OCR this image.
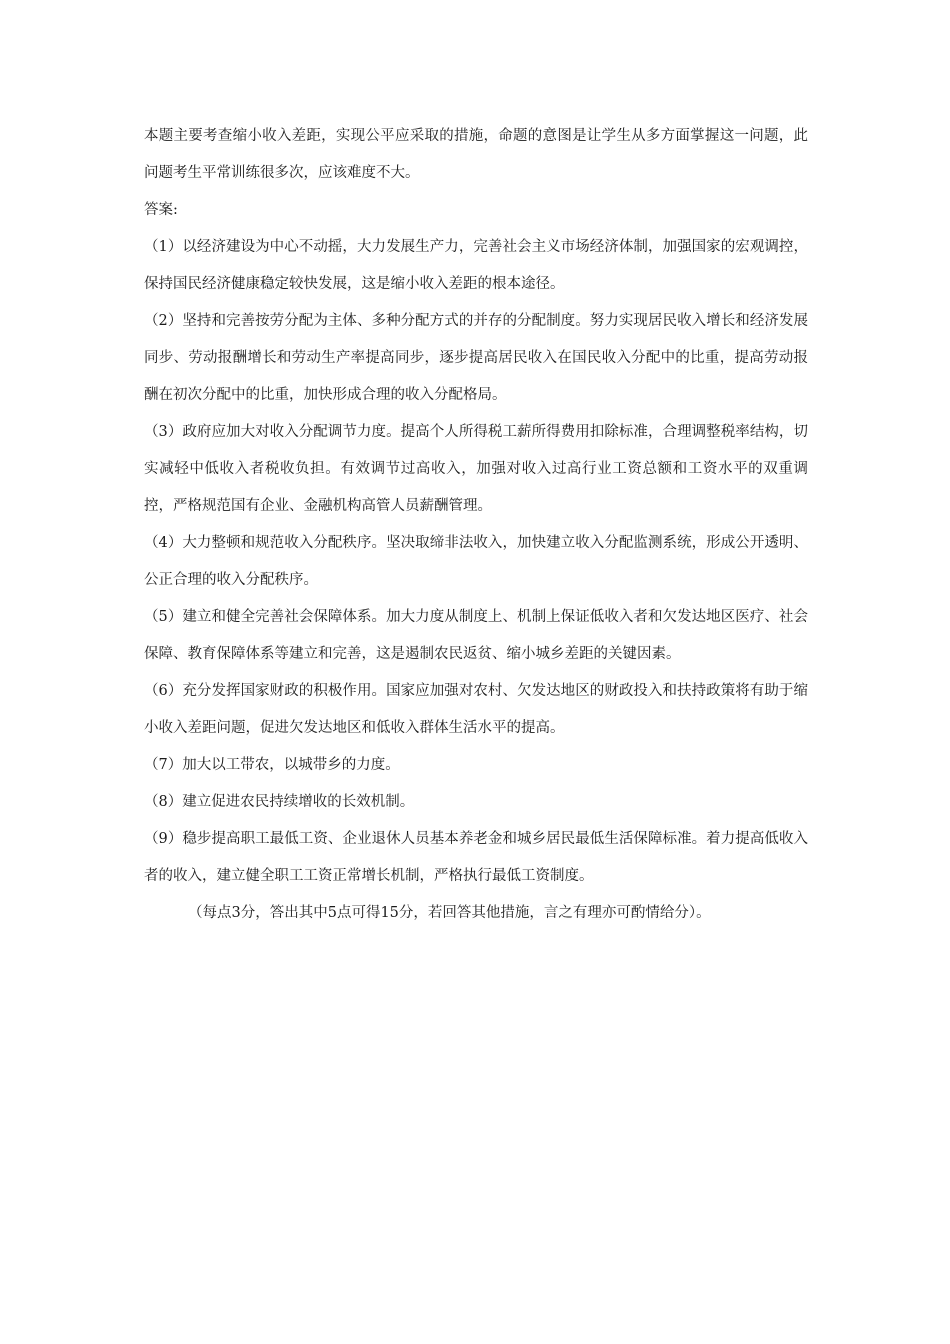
本题主要考查缩小收入差距，实现公平应采取的措施，命题的意图是让学生从多方面掌握这一问题，此问题考生平常训练很多次，应该难度不大。

答案:

（1）以经济建设为中心不动摇，大力发展生产力，完善社会主义市场经济体制，加强国家的宏观调控，保持国民经济健康稳定较快发展，这是缩小收入差距的根本途径。

（2）坚持和完善按劳分配为主体、多种分配方式的并存的分配制度。努力实现居民收入增长和经济发展同步、劳动报酬增长和劳动生产率提高同步，逐步提高居民收入在国民收入分配中的比重，提高劳动报酬在初次分配中的比重，加快形成合理的收入分配格局。

（3）政府应加大对收入分配调节力度。提高个人所得税工薪所得费用扣除标准，合理调整税率结构，切实减轻中低收入者税收负担。有效调节过高收入，加强对收入过高行业工资总额和工资水平的双重调控，严格规范国有企业、金融机构高管人员薪酬管理。

（4）大力整顿和规范收入分配秩序。坚决取缔非法收入，加快建立收入分配监测系统，形成公开透明、公正合理的收入分配秩序。

（5）建立和健全完善社会保障体系。加大力度从制度上、机制上保证低收入者和欠发达地区医疗、社会保障、教育保障体系等建立和完善，这是遏制农民返贫、缩小城乡差距的关键因素。

（6）充分发挥国家财政的积极作用。国家应加强对农村、欠发达地区的财政投入和扶持政策将有助于缩小收入差距问题，促进欠发达地区和低收入群体生活水平的提高。

（7）加大以工带农，以城带乡的力度。

（8）建立促进农民持续增收的长效机制。

（9）稳步提高职工最低工资、企业退休人员基本养老金和城乡居民最低生活保障标准。着力提高低收入者的收入，建立健全职工工资正常增长机制，严格执行最低工资制度。

（每点3分，答出其中5点可得15分，若回答其他措施，言之有理亦可酌情给分）。
